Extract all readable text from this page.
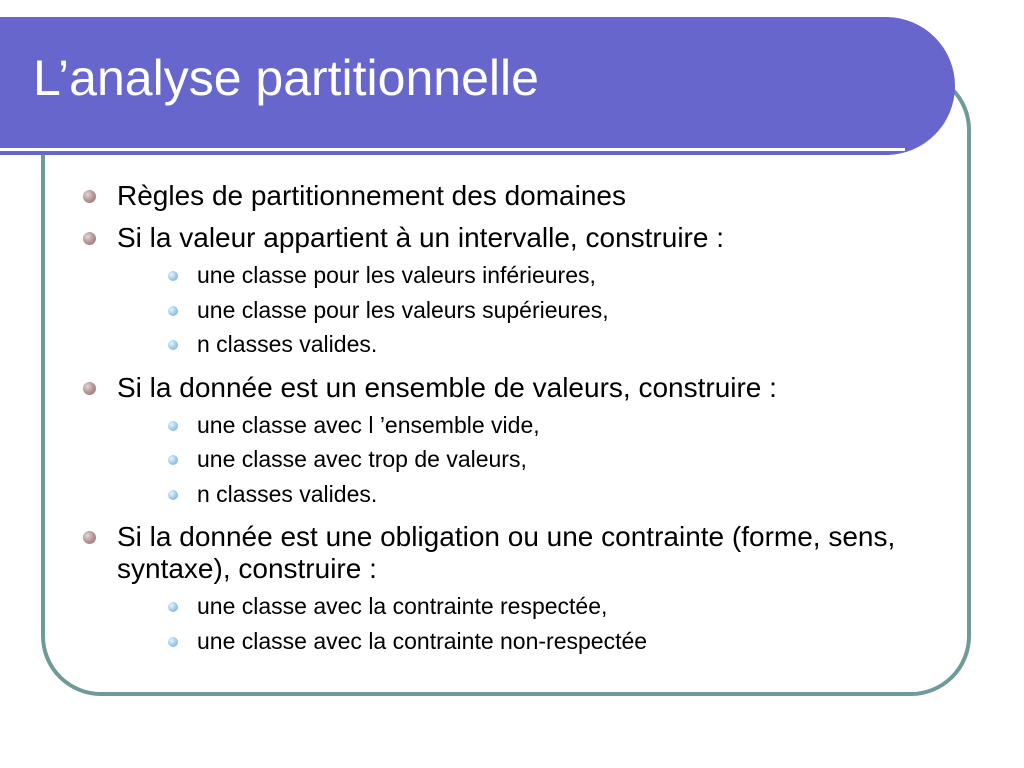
L’analyse partitionnelle
Règles de partitionnement des domaines
Si la valeur appartient à un intervalle, construire :
une classe pour les valeurs inférieures,
une classe pour les valeurs supérieures,
n classes valides.
Si la donnée est un ensemble de valeurs, construire :
une classe avec l ’ensemble vide,
une classe avec trop de valeurs,
n classes valides.
Si la donnée est une obligation ou une contrainte (forme, sens, syntaxe), construire :
une classe avec la contrainte respectée,
une classe avec la contrainte non-respectée
